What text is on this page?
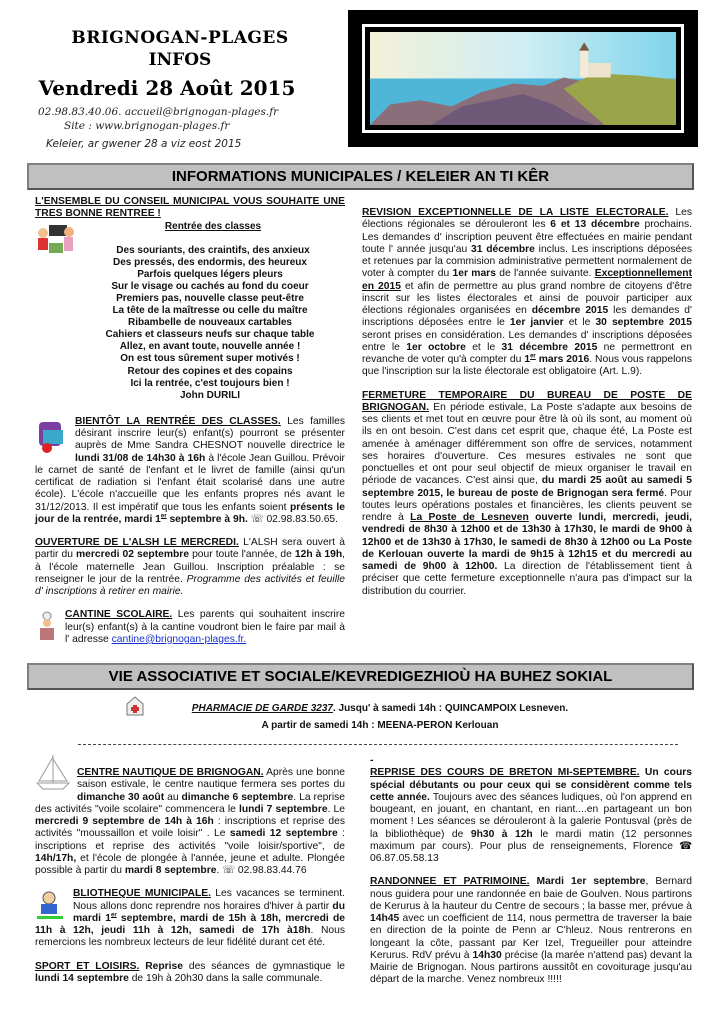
BRIGNOGAN-PLAGES
INFOS
Vendredi 28 Août 2015
02.98.83.40.06. accueil@brignogan-plages.fr
Site : www.brignogan-plages.fr
Keleier, ar gwener 28 a viz eost 2015
INFORMATIONS MUNICIPALES / KELEIER AN TI KÊR
L'ENSEMBLE DU CONSEIL MUNICIPAL VOUS SOUHAITE UNE TRES BONNE RENTREE !
Rentrée des classes
Des souriants, des craintifs, des anxieux
Des pressés, des endormis, des heureux
Parfois quelques légers pleurs
Sur le visage ou cachés au fond du coeur
Premiers pas, nouvelle classe peut-être
La tête de la maîtresse ou celle du maître
Ribambelle de nouveaux cartables
Cahiers et classeurs neufs sur chaque table
Allez, en avant toute, nouvelle année !
On est tous sûrement super motivés !
Retour des copines et des copains
Ici la rentrée, c'est toujours bien !
John DURILI

BIENTÔT LA RENTRÉE DES CLASSES. Les familles désirant inscrire leur(s) enfant(s) pourront se présenter auprès de Mme Sandra CHESNOT nouvelle directrice le lundi 31/08 de 14h30 à 16h à l'école Jean Guillou. Prévoir le carnet de santé de l'enfant et le livret de famille (ainsi qu'un certificat de radiation si l'enfant était scolarisé dans une autre école). L'école n'accueille que les enfants propres nés avant le 31/12/2013. Il est impératif que tous les enfants soient présents le jour de la rentrée, mardi 1er septembre à 9h. ☏ 02.98.83.50.65.

OUVERTURE DE L'ALSH LE MERCREDI. L'ALSH sera ouvert à partir du mercredi 02 septembre pour toute l'année, de 12h à 19h, à l'école maternelle Jean Guillou. Inscription préalable : se renseigner le jour de la rentrée. Programme des activités et feuille d' inscriptions à retirer en mairie.

CANTINE SCOLAIRE. Les parents qui souhaitent inscrire leur(s) enfant(s) à la cantine voudront bien le faire par mail à l' adresse cantine@brignogan-plages.fr.

REVISION EXCEPTIONNELLE DE LA LISTE ELECTORALE. Les élections régionales se dérouleront les 6 et 13 décembre prochains. Les demandes d' inscription peuvent être effectuées en mairie pendant toute l' année jusqu'au 31 décembre inclus. Les inscriptions déposées et retenues par la commision administrative permettent normalement de voter à compter du 1er mars de l'année suivante. Exceptionnellement en 2015 et afin de permettre au plus grand nombre de citoyens d'être inscrit sur les listes électorales et ainsi de pouvoir participer aux élections régionales organisées en décembre 2015 les demandes d' inscriptions déposées entre le 1er janvier et le 30 septembre 2015 seront prises en considération. Les demandes d' inscriptions déposées entre le 1er octobre et le 31 décembre 2015 ne permettront en revanche de voter qu'à compter du 1er mars 2016. Nous vous rappelons que l'inscription sur la liste électorale est obligatoire (Art. L.9).

FERMETURE TEMPORAIRE DU BUREAU DE POSTE DE BRIGNOGAN. En période estivale, La Poste s'adapte aux besoins de ses clients et met tout en œuvre pour être là où ils sont, au moment où ils en ont besoin. C'est dans cet esprit que, chaque été, La Poste est amenée à aménager différemment son offre de services, notamment ses horaires d'ouverture. Ces mesures estivales ne sont que ponctuelles et ont pour seul objectif de mieux organiser le travail en période de vacances. C'est ainsi que, du mardi 25 août au samedi 5 septembre 2015, le bureau de poste de Brignogan sera fermé. Pour toutes leurs opérations postales et financières, les clients peuvent se rendre à La Poste de Lesneven ouverte lundi, mercredi, jeudi, vendredi de 8h30 à 12h00 et de 13h30 à 17h30, le mardi de 9h00 à 12h00 et de 13h30 à 17h30, le samedi de 8h30 à 12h00 ou La Poste de Kerlouan ouverte la mardi de 9h15 à 12h15 et du mercredi au samedi de 9h00 à 12h00. La direction de l'établissement tient à préciser que cette fermeture exceptionnelle n'aura pas d'impact sur la distribution du courrier.

VIE ASSOCIATIVE ET SOCIALE/KEVREDIGEZHIOÙ HA BUHEZ SOKIAL
PHARMACIE DE GARDE 3237. Jusqu' à samedi 14h : QUINCAMPOIX Lesneven.
A partir de samedi 14h : MEENA-PERON Kerlouan

CENTRE NAUTIQUE DE BRIGNOGAN. Après une bonne saison estivale, le centre nautique fermera ses portes du dimanche 30 août au dimanche 6 septembre. La reprise des activités "voile scolaire" commencera le lundi 7 septembre. Le mercredi 9 septembre de 14h à 16h : inscriptions et reprise des activités "moussaillon et voile loisir" . Le samedi 12 septembre : inscriptions et reprise des activités "voile loisir/sportive", de 14h/17h, et l'école de plongée à l'année, jeune et adulte. Plongée possible à partir du mardi 8 septembre. ☏ 02.98.83.44.76

BLIOTHEQUE MUNICIPALE. Les vacances se terminent. Nous allons donc reprendre nos horaires d'hiver à partir du mardi 1er septembre, mardi de 15h à 18h, mercredi de 11h à 12h, jeudi 11h à 12h, samedi de 17h à18h. Nous remercions les nombreux lecteurs de leur fidélité durant cet été.

SPORT ET LOISIRS. Reprise des séances de gymnastique le lundi 14 septembre de 19h à 20h30 dans la salle communale.

-

REPRISE DES COURS DE BRETON MI-SEPTEMBRE. Un cours spécial débutants ou pour ceux qui se considèrent comme tels cette année. Toujours avec des séances ludiques, où l'on apprend en bougeant, en jouant, en chantant, en riant....en partageant un bon moment ! Les séances se dérouleront à la galerie Pontusval (près de la bibliothèque) de 9h30 à 12h le mardi matin (12 personnes maximum par cours). Pour plus de renseignements, Florence ☎ 06.87.05.58.13

RANDONNEE ET PATRIMOINE. Mardi 1er septembre, Bernard nous guidera pour une randonnée en baie de Goulven. Nous partirons de Kerurus à la hauteur du Centre de secours ; la basse mer, prévue à 14h45 avec un coefficient de 114, nous permettra de traverser la baie en direction de la pointe de Penn ar C'hleuz. Nous rentrerons en longeant la côte, passant par Ker Izel, Tregueiller pour atteindre Kerurus. RdV prévu à 14h30 précise (la marée n'attend pas) devant la Mairie de Brignogan. Nous partirons aussitôt en covoiturage jusqu'au départ de la marche. Venez nombreux !!!!!
